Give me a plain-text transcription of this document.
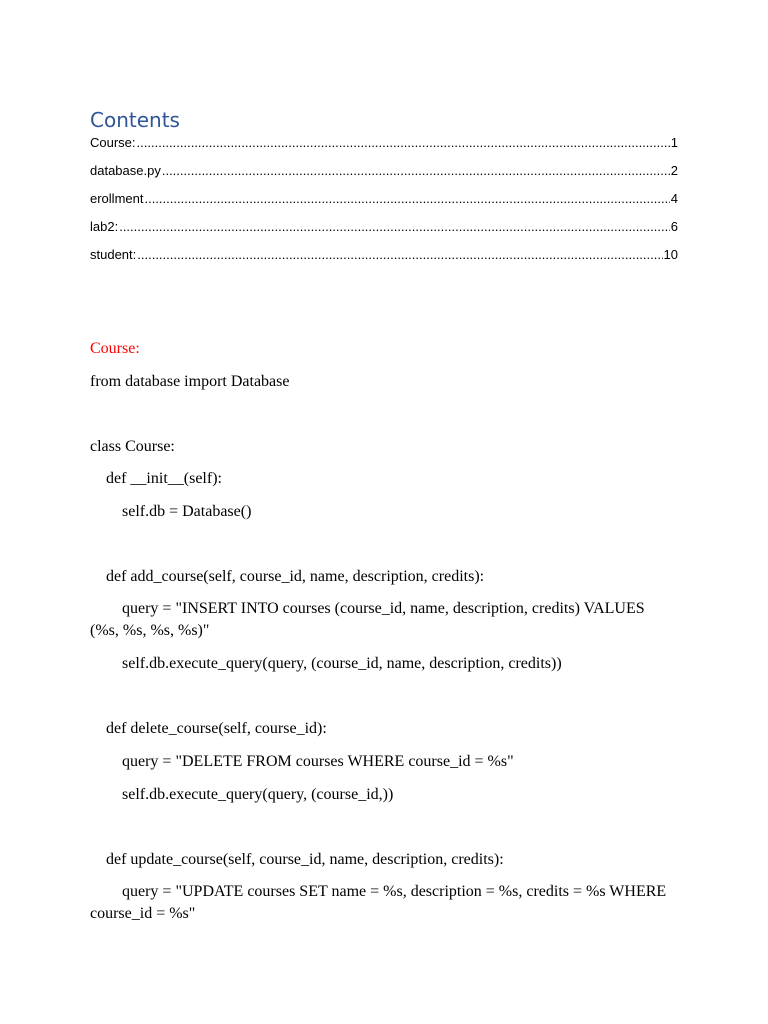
Contents
Course: .....	1
database.py .....	2
erollment .....	4
lab2: .....	6
student: .....	10
Course:
from database import Database
class Course:
def __init__(self):
self.db = Database()
def add_course(self, course_id, name, description, credits):
query = "INSERT INTO courses (course_id, name, description, credits) VALUES (%s, %s, %s, %s)"
self.db.execute_query(query, (course_id, name, description, credits))
def delete_course(self, course_id):
query = "DELETE FROM courses WHERE course_id = %s"
self.db.execute_query(query, (course_id,))
def update_course(self, course_id, name, description, credits):
query = "UPDATE courses SET name = %s, description = %s, credits = %s WHERE course_id = %s"
